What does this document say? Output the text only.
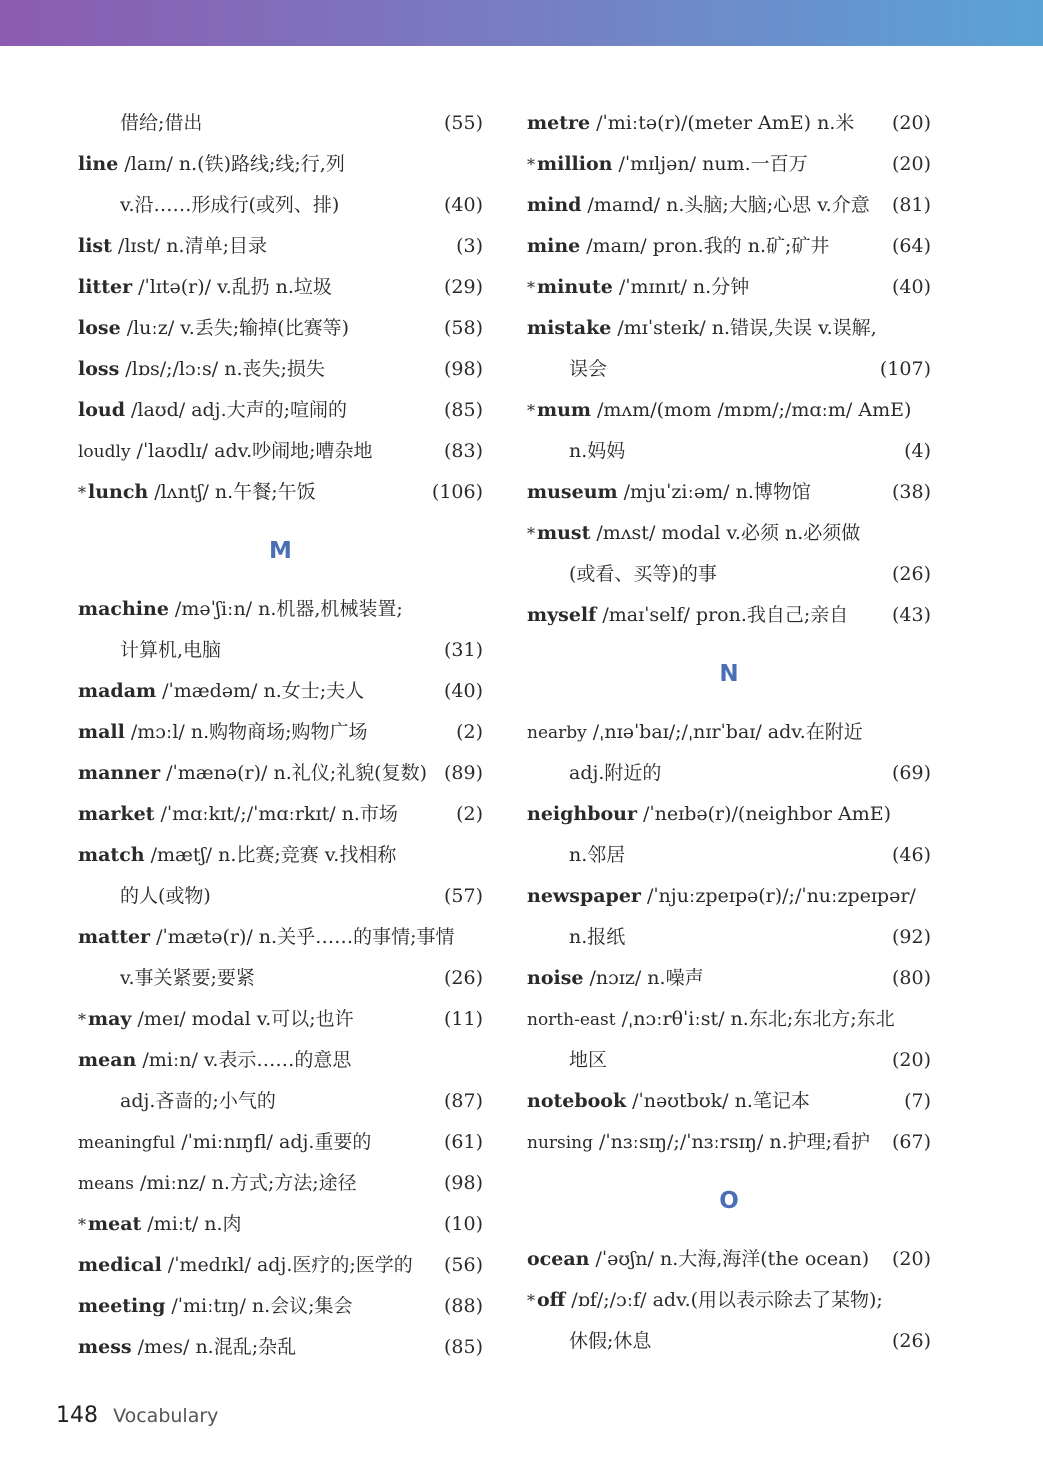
借给;借出	(55)
line /laɪn/ n.(铁)路线;线;行,列
v.沿……形成行(或列、排)	(40)
list /lɪst/ n.清单;目录	(3)
litter /ˈlɪtə(r)/ v.乱扔 n.垃圾	(29)
lose /luːz/ v.丢失;输掉(比赛等)	(58)
loss /lɒs/;/lɔːs/ n.丧失;损失	(98)
loud /laʊd/ adj.大声的;喧闹的	(85)
loudly /ˈlaʊdlɪ/ adv.吵闹地;嘈杂地	(83)
* lunch /lʌntʃ/ n.午餐;午饭	(106)
M
machine /məˈʃiːn/ n.机器,机械装置;
计算机,电脑	(31)
madam /ˈmædəm/ n.女士;夫人	(40)
mall /mɔːl/ n.购物商场;购物广场	(2)
manner /ˈmænə(r)/ n.礼仪;礼貌(复数) (89)
market /ˈmɑːkɪt/;/ˈmɑːrkɪt/ n.市场	(2)
match /mætʃ/ n.比赛;竞赛 v.找相称
的人(或物)	(57)
matter /ˈmætə(r)/ n.关乎……的事情;事情
v.事关紧要;要紧	(26)
* may /meɪ/ modal v.可以;也许	(11)
mean /miːn/ v.表示……的意思
adj.吝啬的;小气的	(87)
meaningful /ˈmiːnɪŋfl/ adj.重要的	(61)
means /miːnz/ n.方式;方法;途径	(98)
* meat /miːt/ n.肉	(10)
medical /ˈmedɪkl/ adj.医疗的;医学的 (56)
meeting /ˈmiːtɪŋ/ n.会议;集会	(88)
mess /mes/ n.混乱;杂乱	(85)
metre /ˈmiːtə(r)/(meter AmE) n.米 (20)
* million /ˈmɪljən/ num.一百万	(20)
mind /maɪnd/ n.头脑;大脑;心思 v.介意 (81)
mine /maɪn/ pron.我的 n.矿;矿井	(64)
* minute /ˈmɪnɪt/ n.分钟	(40)
mistake /mɪˈsteɪk/ n.错误,失误 v.误解,
误会	(107)
* mum /mʌm/(mom /mɒm/;/mɑːm/ AmE)
n.妈妈	(4)
museum /mjuˈziːəm/ n.博物馆	(38)
* must /mʌst/ modal v.必须 n.必须做
(或看、买等)的事	(26)
myself /maɪˈself/ pron.我自己;亲自 (43)
N
nearby /ˌnɪəˈbaɪ/;/ˌnɪrˈbaɪ/ adv.在附近
adj.附近的	(69)
neighbour /ˈneɪbə(r)/(neighbor AmE)
n.邻居	(46)
newspaper /ˈnjuːzpeɪpə(r)/;/ˈnuːzpeɪpər/
n.报纸	(92)
noise /nɔɪz/ n.噪声	(80)
north-east /ˌnɔːrθˈiːst/ n.东北;东北方;东北
地区	(20)
notebook /ˈnəʊtbʊk/ n.笔记本	(7)
nursing /ˈnɜːsɪŋ/;/ˈnɜːrsɪŋ/ n.护理;看护 (67)
O
ocean /ˈəʊʃn/ n.大海,海洋(the ocean) (20)
* off /ɒf/;/ɔːf/ adv.(用以表示除去了某物);
休假;休息	(26)
148 Vocabulary
